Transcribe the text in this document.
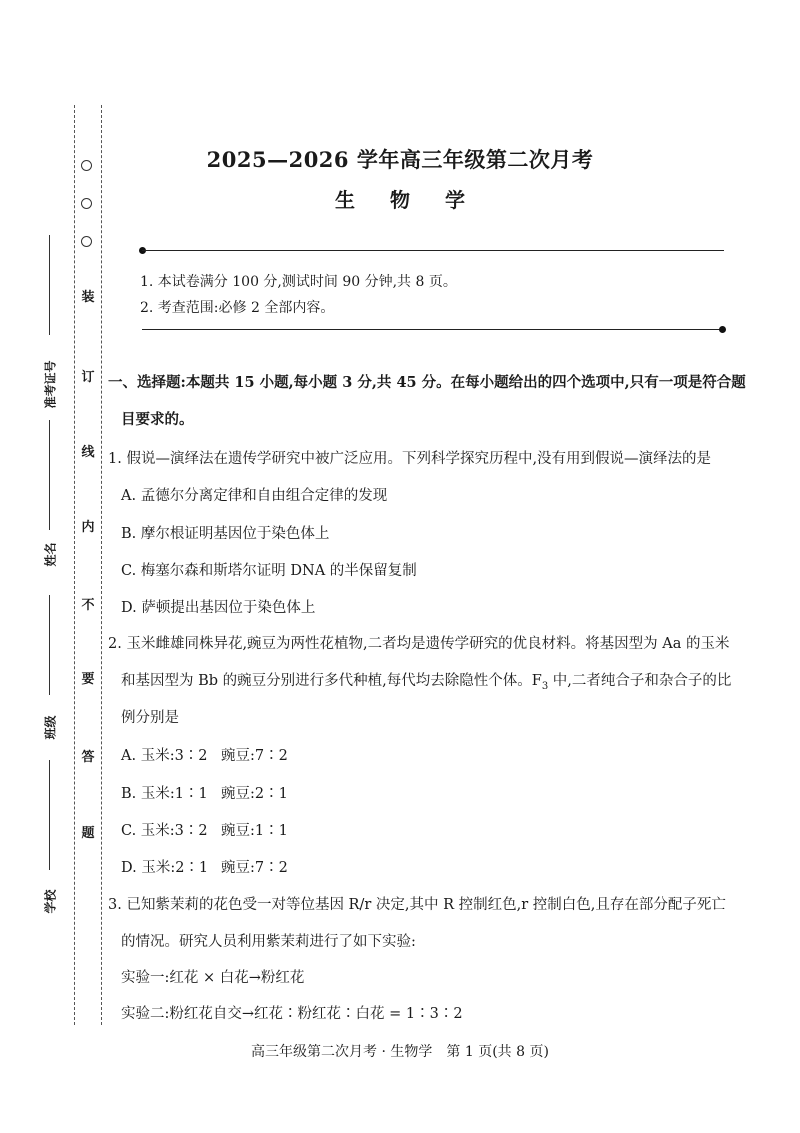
装
订
线
内
不
要
答
题
准考证号
姓名
班级
学校
2025—2026 学年高三年级第二次月考
生 物 学
1. 本试卷满分 100 分,测试时间 90 分钟,共 8 页。
2. 考查范围:必修 2 全部内容。
一、选择题:本题共 15 小题,每小题 3 分,共 45 分。在每小题给出的四个选项中,只有一项是符合题
目要求的。
1. 假说—演绎法在遗传学研究中被广泛应用。下列科学探究历程中,没有用到假说—演绎法的是
A. 孟德尔分离定律和自由组合定律的发现
B. 摩尔根证明基因位于染色体上
C. 梅塞尔森和斯塔尔证明 DNA 的半保留复制
D. 萨顿提出基因位于染色体上
2. 玉米雌雄同株异花,豌豆为两性花植物,二者均是遗传学研究的优良材料。将基因型为 Aa 的玉米
和基因型为 Bb 的豌豆分别进行多代种植,每代均去除隐性个体。$F_3$ 中,二者纯合子和杂合子的比
例分别是
A. 玉米:3∶2 豌豆:7∶2
B. 玉米:1∶1 豌豆:2∶1
C. 玉米:3∶2 豌豆:1∶1
D. 玉米:2∶1 豌豆:7∶2
3. 已知紫茉莉的花色受一对等位基因 R/r 决定,其中 R 控制红色,r 控制白色,且存在部分配子死亡
的情况。研究人员利用紫茉莉进行了如下实验:
实验一:红花 × 白花→粉红花
实验二:粉红花自交→红花∶粉红花∶白花 = 1∶3∶2
高三年级第二次月考 · 生物学　第 1 页(共 8 页)
